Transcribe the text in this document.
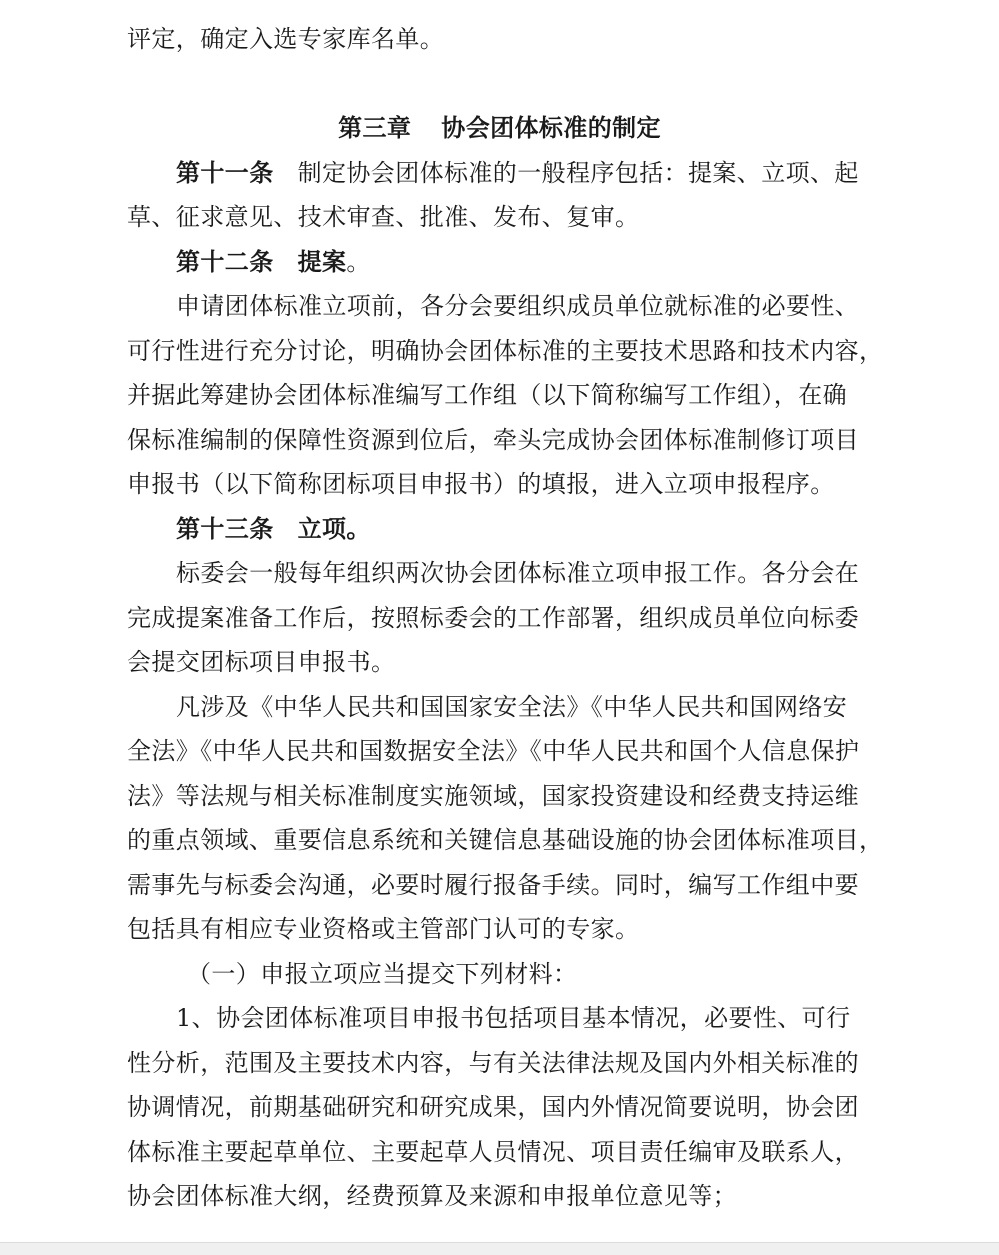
评定，确定入选专家库名单。
第三章 协会团体标准的制定
第十一条 制定协会团体标准的一般程序包括：提案、立项、起
草、征求意见、技术审查、批准、发布、复审。
第十二条 提案。
申请团体标准立项前，各分会要组织成员单位就标准的必要性、
可行性进行充分讨论，明确协会团体标准的主要技术思路和技术内容，
并据此筹建协会团体标准编写工作组（以下简称编写工作组），在确
保标准编制的保障性资源到位后，牵头完成协会团体标准制修订项目
申报书（以下简称团标项目申报书）的填报，进入立项申报程序。
第十三条 立项。
标委会一般每年组织两次协会团体标准立项申报工作。各分会在
完成提案准备工作后，按照标委会的工作部署，组织成员单位向标委
会提交团标项目申报书。
凡涉及《中华人民共和国国家安全法》《中华人民共和国网络安
全法》《中华人民共和国数据安全法》《中华人民共和国个人信息保护
法》等法规与相关标准制度实施领域，国家投资建设和经费支持运维
的重点领域、重要信息系统和关键信息基础设施的协会团体标准项目，
需事先与标委会沟通，必要时履行报备手续。同时，编写工作组中要
包括具有相应专业资格或主管部门认可的专家。
（一）申报立项应当提交下列材料：
1、协会团体标准项目申报书包括项目基本情况，必要性、可行
性分析，范围及主要技术内容，与有关法律法规及国内外相关标准的
协调情况，前期基础研究和研究成果，国内外情况简要说明，协会团
体标准主要起草单位、主要起草人员情况、项目责任编审及联系人，
协会团体标准大纲，经费预算及来源和申报单位意见等；
